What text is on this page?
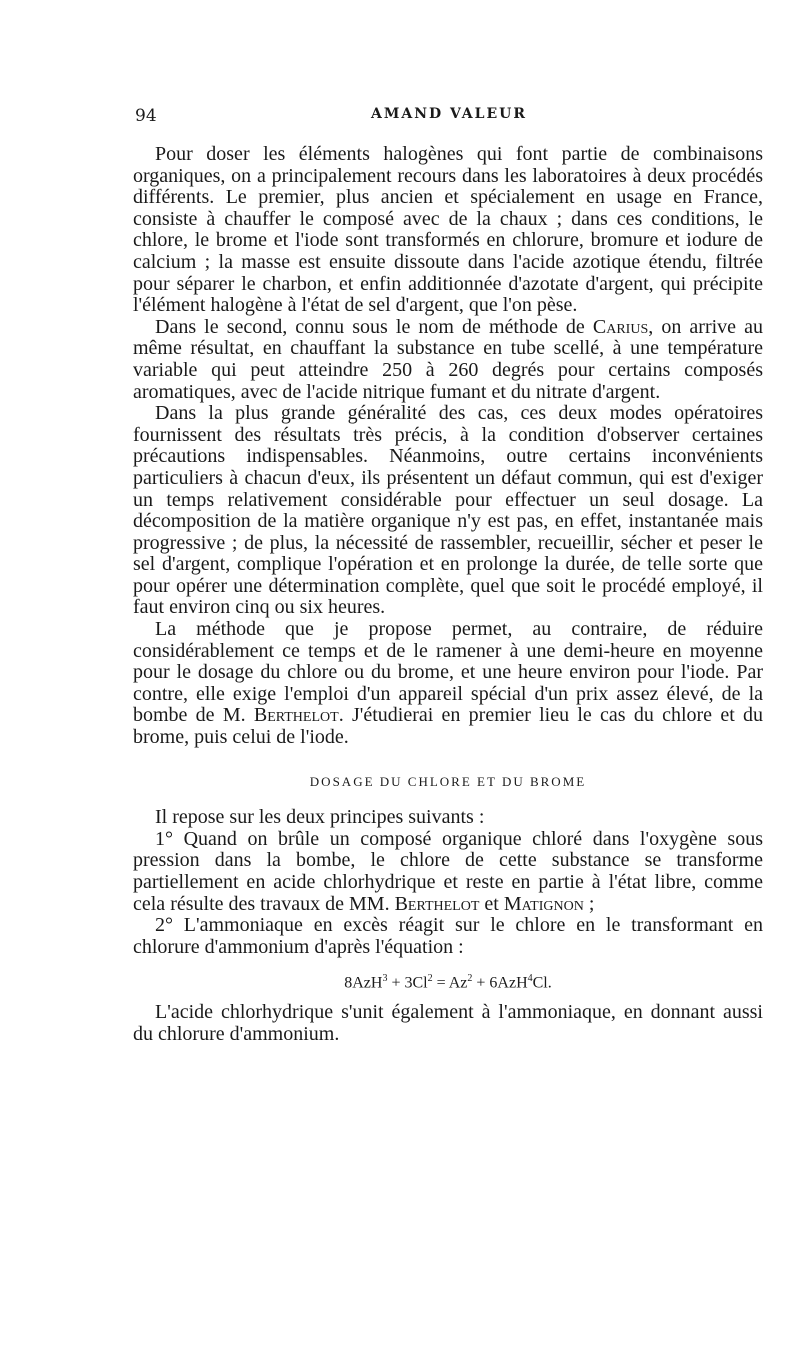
94	AMAND VALEUR

Pour doser les éléments halogènes qui font partie de combinaisons organiques, on a principalement recours dans les laboratoires à deux procédés différents. Le premier, plus ancien et spécialement en usage en France, consiste à chauffer le composé avec de la chaux ; dans ces conditions, le chlore, le brome et l'iode sont transformés en chlorure, bromure et iodure de calcium ; la masse est ensuite dissoute dans l'acide azotique étendu, filtrée pour séparer le charbon, et enfin additionnée d'azotate d'argent, qui précipite l'élément halogène à l'état de sel d'argent, que l'on pèse.

Dans le second, connu sous le nom de méthode de Carius, on arrive au même résultat, en chauffant la substance en tube scellé, à une température variable qui peut atteindre 250 à 260 degrés pour certains composés aromatiques, avec de l'acide nitrique fumant et du nitrate d'argent.

Dans la plus grande généralité des cas, ces deux modes opératoires fournissent des résultats très précis, à la condition d'observer certaines précautions indispensables. Néanmoins, outre certains inconvénients particuliers à chacun d'eux, ils présentent un défaut commun, qui est d'exiger un temps relativement considérable pour effectuer un seul dosage. La décomposition de la matière organique n'y est pas, en effet, instantanée mais progressive ; de plus, la nécessité de rassembler, recueillir, sécher et peser le sel d'argent, complique l'opération et en prolonge la durée, de telle sorte que pour opérer une détermination complète, quel que soit le procédé employé, il faut environ cinq ou six heures.

La méthode que je propose permet, au contraire, de réduire considérablement ce temps et de le ramener à une demi-heure en moyenne pour le dosage du chlore ou du brome, et une heure environ pour l'iode. Par contre, elle exige l'emploi d'un appareil spécial d'un prix assez élevé, de la bombe de M. Berthelot. J'étudierai en premier lieu le cas du chlore et du brome, puis celui de l'iode.

DOSAGE DU CHLORE ET DU BROME

Il repose sur les deux principes suivants :

1° Quand on brûle un composé organique chloré dans l'oxygène sous pression dans la bombe, le chlore de cette substance se transforme partiellement en acide chlorhydrique et reste en partie à l'état libre, comme cela résulte des travaux de MM. Berthelot et Matignon ;

2° L'ammoniaque en excès réagit sur le chlore en le transformant en chlorure d'ammonium d'après l'équation :

$8AzH^3 + 3Cl^2 = Az^2 + 6AzH^4Cl$.

L'acide chlorhydrique s'unit également à l'ammoniaque, en donnant aussi du chlorure d'ammonium.
